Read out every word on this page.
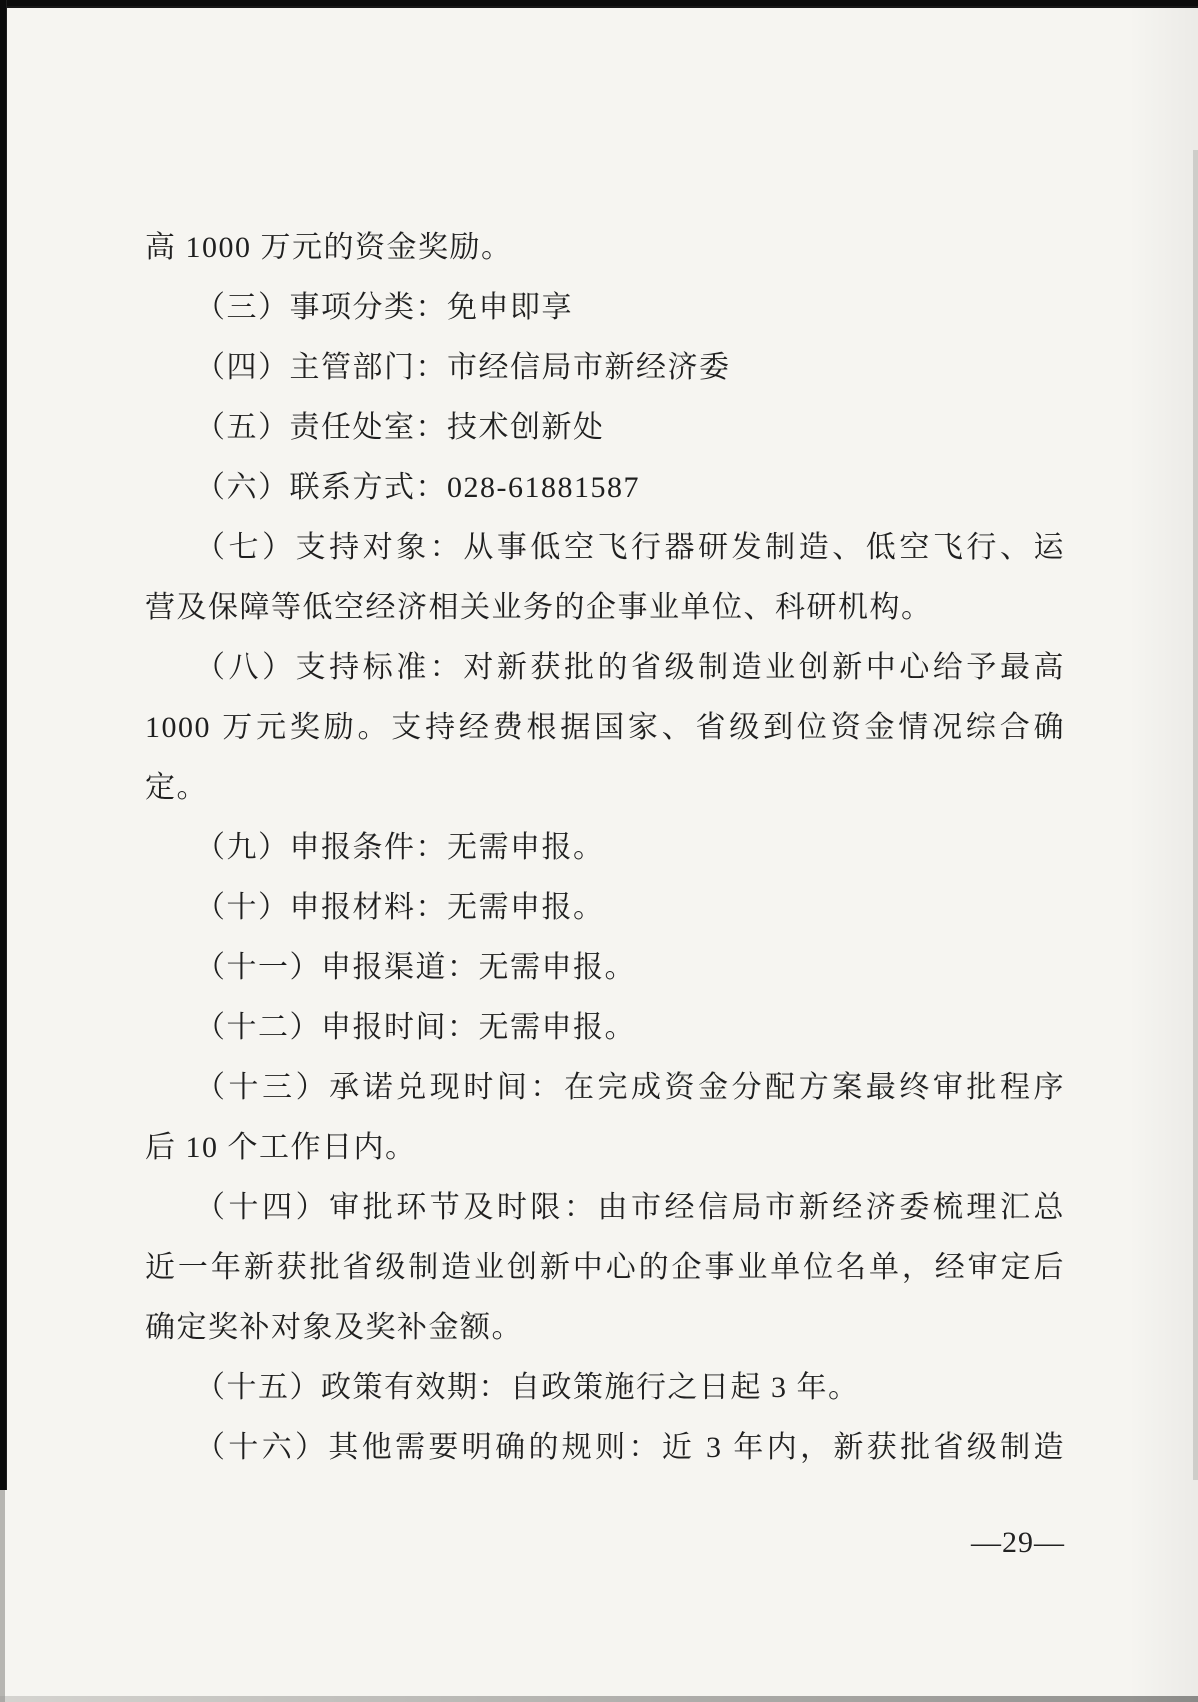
高 1000 万元的资金奖励。
（三）事项分类：免申即享
（四）主管部门：市经信局市新经济委
（五）责任处室：技术创新处
（六）联系方式：028-61881587
（七）支持对象：从事低空飞行器研发制造、低空飞行、运
营及保障等低空经济相关业务的企事业单位、科研机构。
（八）支持标准：对新获批的省级制造业创新中心给予最高
1000 万元奖励。支持经费根据国家、省级到位资金情况综合确
定。
（九）申报条件：无需申报。
（十）申报材料：无需申报。
（十一）申报渠道：无需申报。
（十二）申报时间：无需申报。
（十三）承诺兑现时间：在完成资金分配方案最终审批程序
后 10 个工作日内。
（十四）审批环节及时限：由市经信局市新经济委梳理汇总
近一年新获批省级制造业创新中心的企事业单位名单，经审定后
确定奖补对象及奖补金额。
（十五）政策有效期：自政策施行之日起 3 年。
（十六）其他需要明确的规则：近 3 年内，新获批省级制造
—29—
